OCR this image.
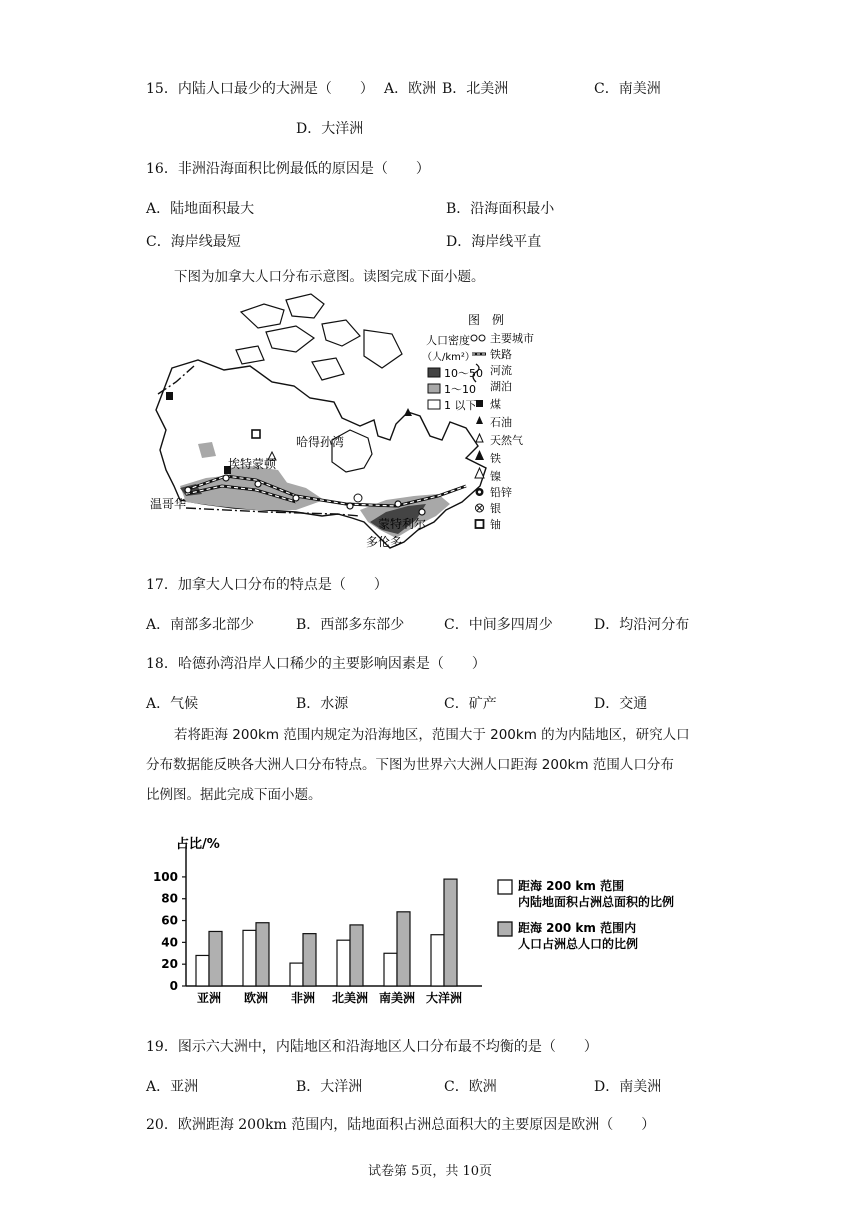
15．内陆人口最少的大洲是（　　） A．欧洲 B．北美洲	C．南美洲
D．大洋洲
16．非洲沿海面积比例最低的原因是（　　）
A．陆地面积最大	B．沿海面积最小
C．海岸线最短	D．海岸线平直
下图为加拿大人口分布示意图。读图完成下面小题。
哈得孙湾
埃特蒙顿
温哥华
蒙特利尔
多伦多
图　例
人口密度
（人/km²）
10～50
1～10
1 以下
主要城市
铁路
河流
湖泊
煤
石油
天然气
铁
镍
铅锌
银
铀
17．加拿大人口分布的特点是（　　）
A．南部多北部少	B．西部多东部少	C．中间多四周少	D．均沿河分布
18．哈德孙湾沿岸人口稀少的主要影响因素是（　　）
A．气候	B．水源	C．矿产	D．交通
若将距海 200km 范围内规定为沿海地区，范围大于 200km 的为内陆地区，研究人口
分布数据能反映各大洲人口分布特点。下图为世界六大洲人口距海 200km 范围人口分布
比例图。据此完成下面小题。
占比/%
0
20
40
60
80
100
亚洲 欧洲 非洲 北美洲 南美洲 大洋洲
距海 200 km 范围
内陆地面积占洲总面积的比例
距海 200 km 范围内
人口占洲总人口的比例
19．图示六大洲中，内陆地区和沿海地区人口分布最不均衡的是（　　）
A．亚洲	B．大洋洲	C．欧洲	D．南美洲
20．欧洲距海 200km 范围内，陆地面积占洲总面积大的主要原因是欧洲（　　）
试卷第 5页，共 10页
